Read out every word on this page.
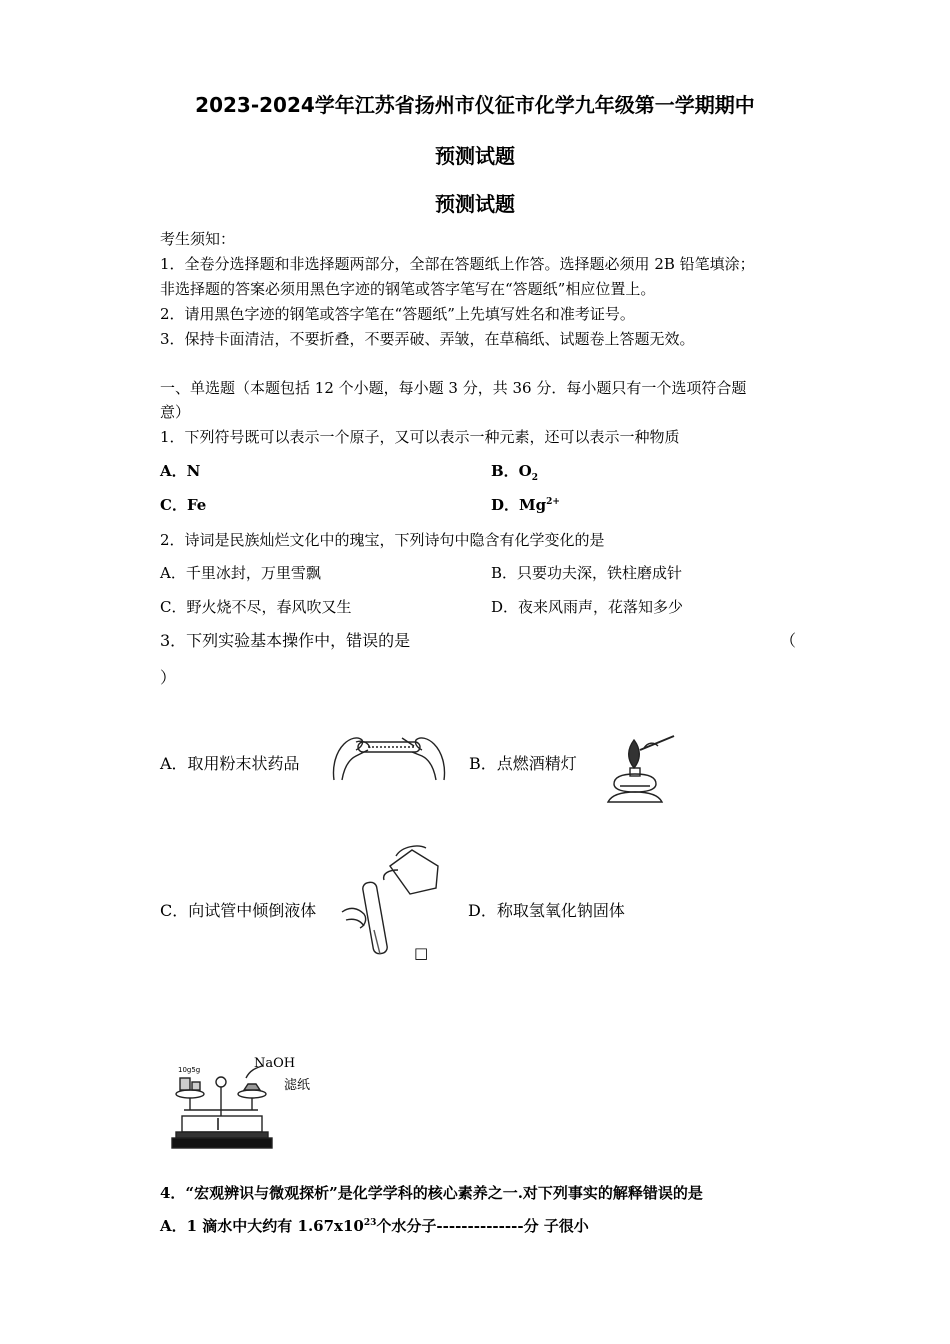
2023-2024学年江苏省扬州市仪征市化学九年级第一学期期中
预测试题
预测试题
考生须知：
1．全卷分选择题和非选择题两部分，全部在答题纸上作答。选择题必须用 2B 铅笔填涂；
非选择题的答案必须用黑色字迹的钢笔或答字笔写在“答题纸”相应位置上。
2．请用黑色字迹的钢笔或答字笔在“答题纸”上先填写姓名和准考证号。
3．保持卡面清洁，不要折叠，不要弄破、弄皱，在草稿纸、试题卷上答题无效。
一、单选题（本题包括 12 个小题，每小题 3 分，共 36 分．每小题只有一个选项符合题
意）
1．下列符号既可以表示一个原子，又可以表示一种元素，还可以表示一种物质
A．N	B．$O_2$
C．Fe	D．$Mg^{2+}$
2．诗词是民族灿烂文化中的瑰宝，下列诗句中隐含有化学变化的是
A．千里冰封，万里雪飘	B．只要功夫深，铁柱磨成针
C．野火烧不尽，春风吹又生	D．夜来风雨声，花落知多少
3．下列实验基本操作中，错误的是	（
）
A．取用粉末状药品	B．点燃酒精灯
C．向试管中倾倒液体
□
D．称取氢氧化钠固体
10g5g	NaOH
滤纸
4．“宏观辨识与微观探析”是化学学科的核心素养之一.对下列事实的解释错误的是
A．1 滴水中大约有 $1.67x10^{23}$个水分子--------------分 子很小
